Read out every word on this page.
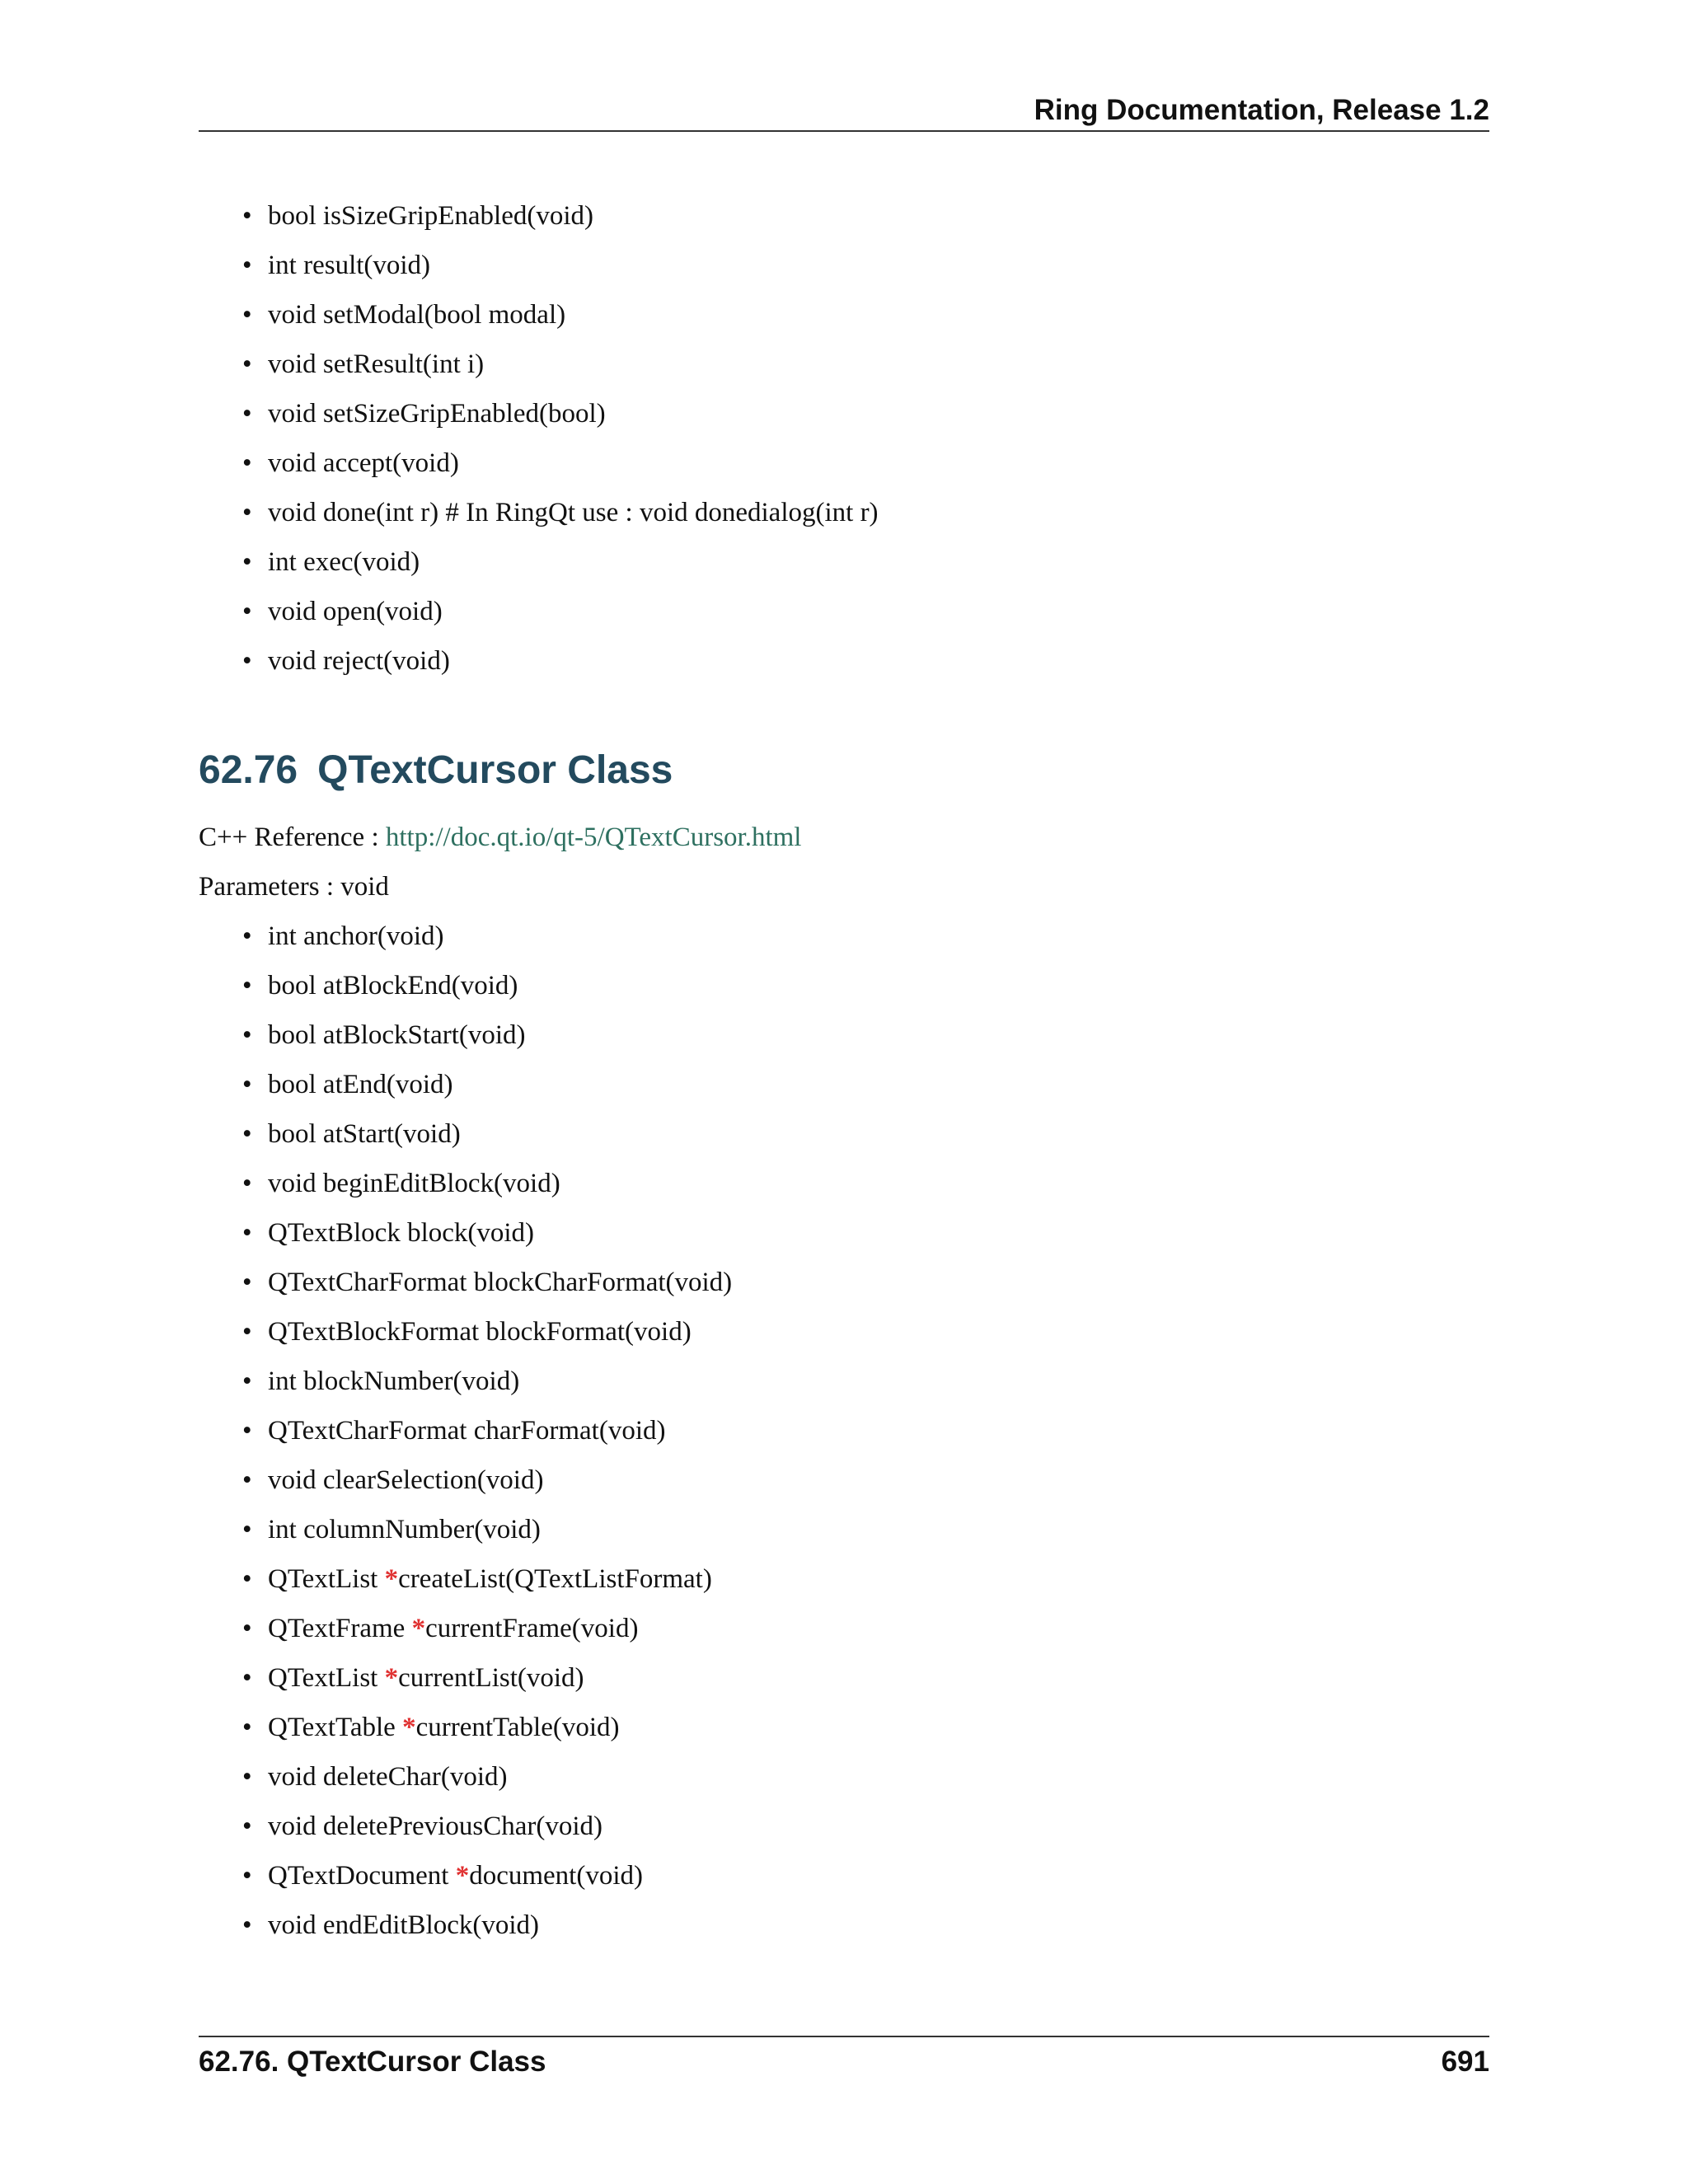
Ring Documentation, Release 1.2
• bool isSizeGripEnabled(void)
• int result(void)
• void setModal(bool modal)
• void setResult(int i)
• void setSizeGripEnabled(bool)
• void accept(void)
• void done(int r) # In RingQt use : void donedialog(int r)
• int exec(void)
• void open(void)
• void reject(void)
62.76 QTextCursor Class
C++ Reference : http://doc.qt.io/qt-5/QTextCursor.html
Parameters : void
• int anchor(void)
• bool atBlockEnd(void)
• bool atBlockStart(void)
• bool atEnd(void)
• bool atStart(void)
• void beginEditBlock(void)
• QTextBlock block(void)
• QTextCharFormat blockCharFormat(void)
• QTextBlockFormat blockFormat(void)
• int blockNumber(void)
• QTextCharFormat charFormat(void)
• void clearSelection(void)
• int columnNumber(void)
• QTextList *createList(QTextListFormat)
• QTextFrame *currentFrame(void)
• QTextList *currentList(void)
• QTextTable *currentTable(void)
• void deleteChar(void)
• void deletePreviousChar(void)
• QTextDocument *document(void)
• void endEditBlock(void)
62.76. QTextCursor Class	691
